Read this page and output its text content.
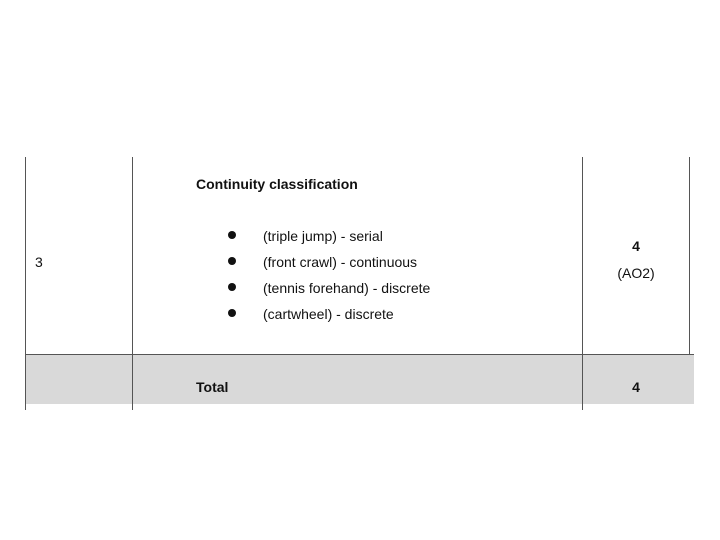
3
Continuity classification
(triple jump) - serial
(front crawl) - continuous
(tennis forehand) - discrete
(cartwheel) - discrete
4
(AO2)
Total	4
